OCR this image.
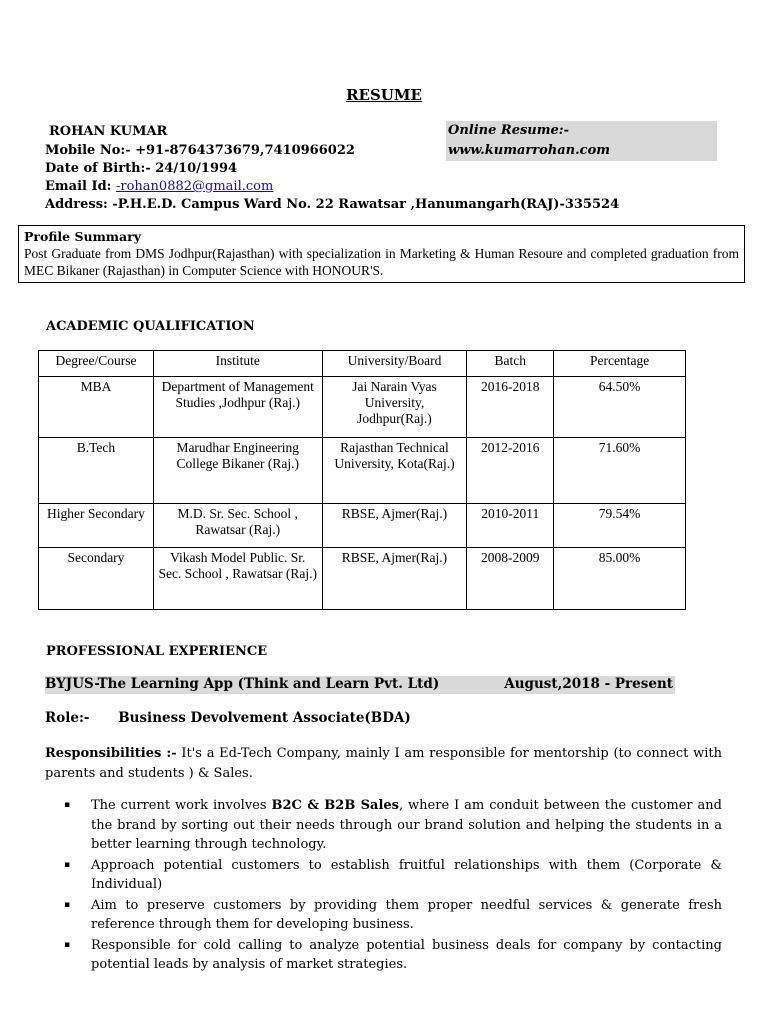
RESUME
ROHAN KUMAR	Online Resume:- www.kumarrohan.com
Mobile No:- +91-8764373679,7410966022
Date of Birth:- 24/10/1994
Email Id: -rohan0882@gmail.com
Address: -P.H.E.D. Campus Ward No. 22 Rawatsar ,Hanumangarh(RAJ)-335524
Profile Summary
Post Graduate from DMS Jodhpur(Rajasthan) with specialization in Marketing & Human Resoure and completed graduation from MEC Bikaner (Rajasthan) in Computer Science with HONOUR'S.
ACADEMIC QUALIFICATION
Degree/Course	Institute	University/Board	Batch	Percentage
MBA	Department of Management Studies ,Jodhpur (Raj.)	Jai Narain Vyas University, Jodhpur(Raj.)	2016-2018	64.50%
B.Tech	Marudhar Engineering College Bikaner (Raj.)	Rajasthan Technical University, Kota(Raj.)	2012-2016	71.60%
Higher Secondary	M.D. Sr. Sec. School , Rawatsar (Raj.)	RBSE, Ajmer(Raj.)	2010-2011	79.54%
Secondary	Vikash Model Public. Sr. Sec. School , Rawatsar (Raj.)	RBSE, Ajmer(Raj.)	2008-2009	85.00%
PROFESSIONAL EXPERIENCE
BYJUS-The Learning App (Think and Learn Pvt. Ltd)	August,2018 - Present
Role:- Business Devolvement Associate(BDA)
Responsibilities :- It's a Ed-Tech Company, mainly I am responsible for mentorship (to connect with parents and students ) & Sales.
▪ The current work involves B2C & B2B Sales, where I am conduit between the customer and the brand by sorting out their needs through our brand solution and helping the students in a better learning through technology.
▪ Approach potential customers to establish fruitful relationships with them (Corporate & Individual)
▪ Aim to preserve customers by providing them proper needful services & generate fresh reference through them for developing business.
▪ Responsible for cold calling to analyze potential business deals for company by contacting potential leads by analysis of market strategies.
